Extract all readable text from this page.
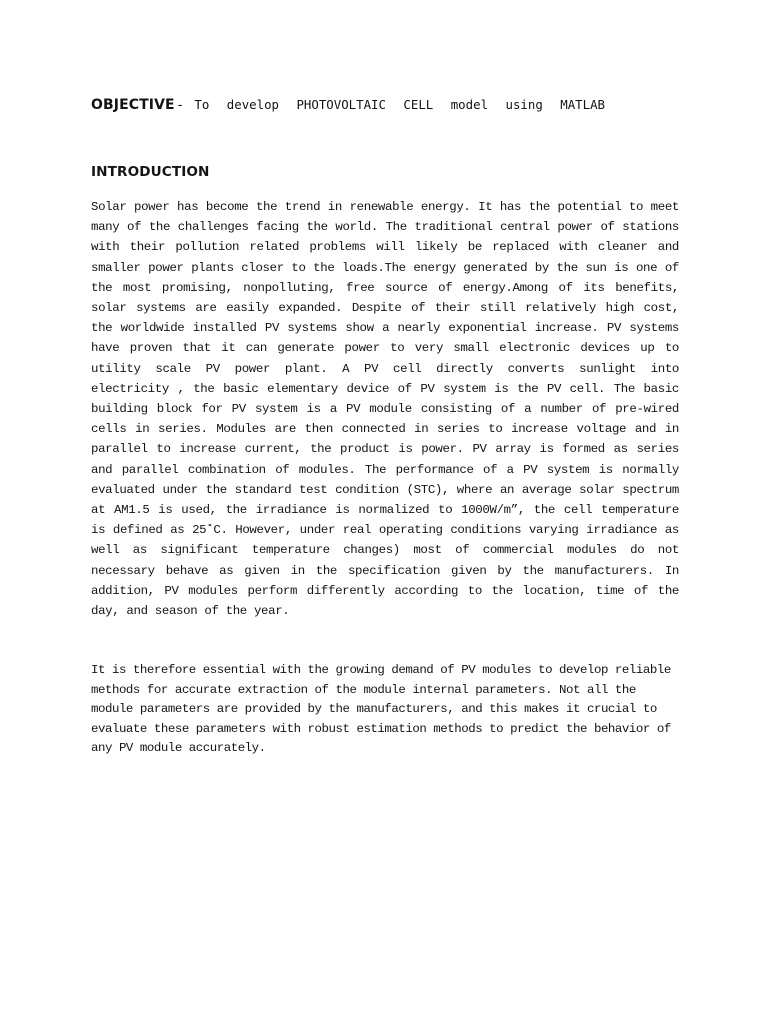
OBJECTIVE - To develop PHOTOVOLTAIC CELL model using MATLAB
INTRODUCTION

Solar power has become the trend in renewable energy. It has the potential to meet many of the challenges facing the world. The traditional central power of stations with their pollution related problems will likely be replaced with cleaner and smaller power plants closer to the loads.The energy generated by the sun is one of the most promising, nonpolluting, free source of energy.Among of its benefits, solar systems are easily expanded. Despite of their still relatively high cost, the worldwide installed PV systems show a nearly exponential increase. PV systems have proven that it can generate power to very small electronic devices up to utility scale PV power plant. A PV cell directly converts sunlight into electricity , the basic elementary device of PV system is the PV cell. The basic building block for PV system is a PV module consisting of a number of pre-wired cells in series. Modules are then connected in series to increase voltage and in parallel to increase current, the product is power. PV array is formed as series and parallel combination of modules. The performance of a PV system is normally evaluated under the standard test condition (STC), where an average solar spectrum at AM1.5 is used, the irradiance is normalized to 1000W/m”, the cell temperature is defined as 25˚C. However, under real operating conditions varying irradiance as well as significant temperature changes) most of commercial modules do not necessary behave as given in the specification given by the manufacturers. In addition, PV modules perform differently according to the location, time of the day, and season of the year.

It is therefore essential with the growing demand of PV modules to develop reliable methods for accurate extraction of the module internal parameters. Not all the module parameters are provided by the manufacturers, and this makes it crucial to evaluate these parameters with robust estimation methods to predict the behavior of any PV module accurately.
